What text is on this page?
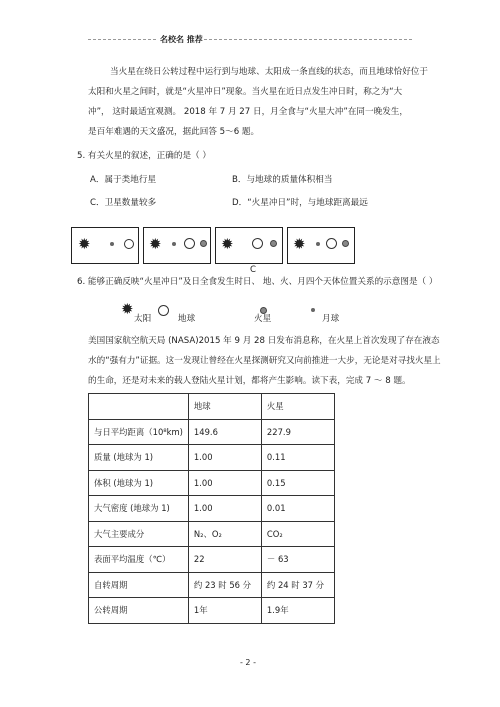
名校名 推荐
当火星在绕日公转过程中运行到与地球、太阳成一条直线的状态，而且地球恰好位于
太阳和火星之间时，就是“火星冲日”现象。当火星在近日点发生冲日时，称之为“大
冲”， 这时最适宜观测。 2018 年 7 月 27 日，月全食与“火星大冲”在同一晚发生，
是百年难遇的天文盛况，据此回答 5～6 题。
5. 有关火星的叙述，正确的是（ ）
A．属于类地行星	B．与地球的质量体积相当
C．卫星数量较多	D．“火星冲日”时，与地球距离最远
✹	✹	✹	✹
C
6. 能够正确反映“火星冲日”及日全食发生时日、 地、火、月四个天体位置关系的示意图是（ ）
✹
太阳	地球	火星	月球
美国国家航空航天局 (NASA)2015 年 9 月 28 日发布消息称，在火星上首次发现了存在液态
水的“强有力”证据。这一发现让曾经在火星探测研究又向前推进一大步，无论是对寻找火星上
的生命，还是对未来的载人登陆火星计划，都将产生影响。读下表，完成 7 ～ 8 题。
	地球	火星
与日平均距离（10⁸km)	149.6	227.9
质量 (地球为 1)	1.00	0.11
体积 (地球为 1)	1.00	0.15
大气密度 (地球为 1)	1.00	0.01
大气主要成分	N₂、O₂	CO₂
表面平均温度（℃）	22	－ 63
自转周期	约 23 时 56 分	约 24 时 37 分
公转周期	1年	1.9年
- 2 -
